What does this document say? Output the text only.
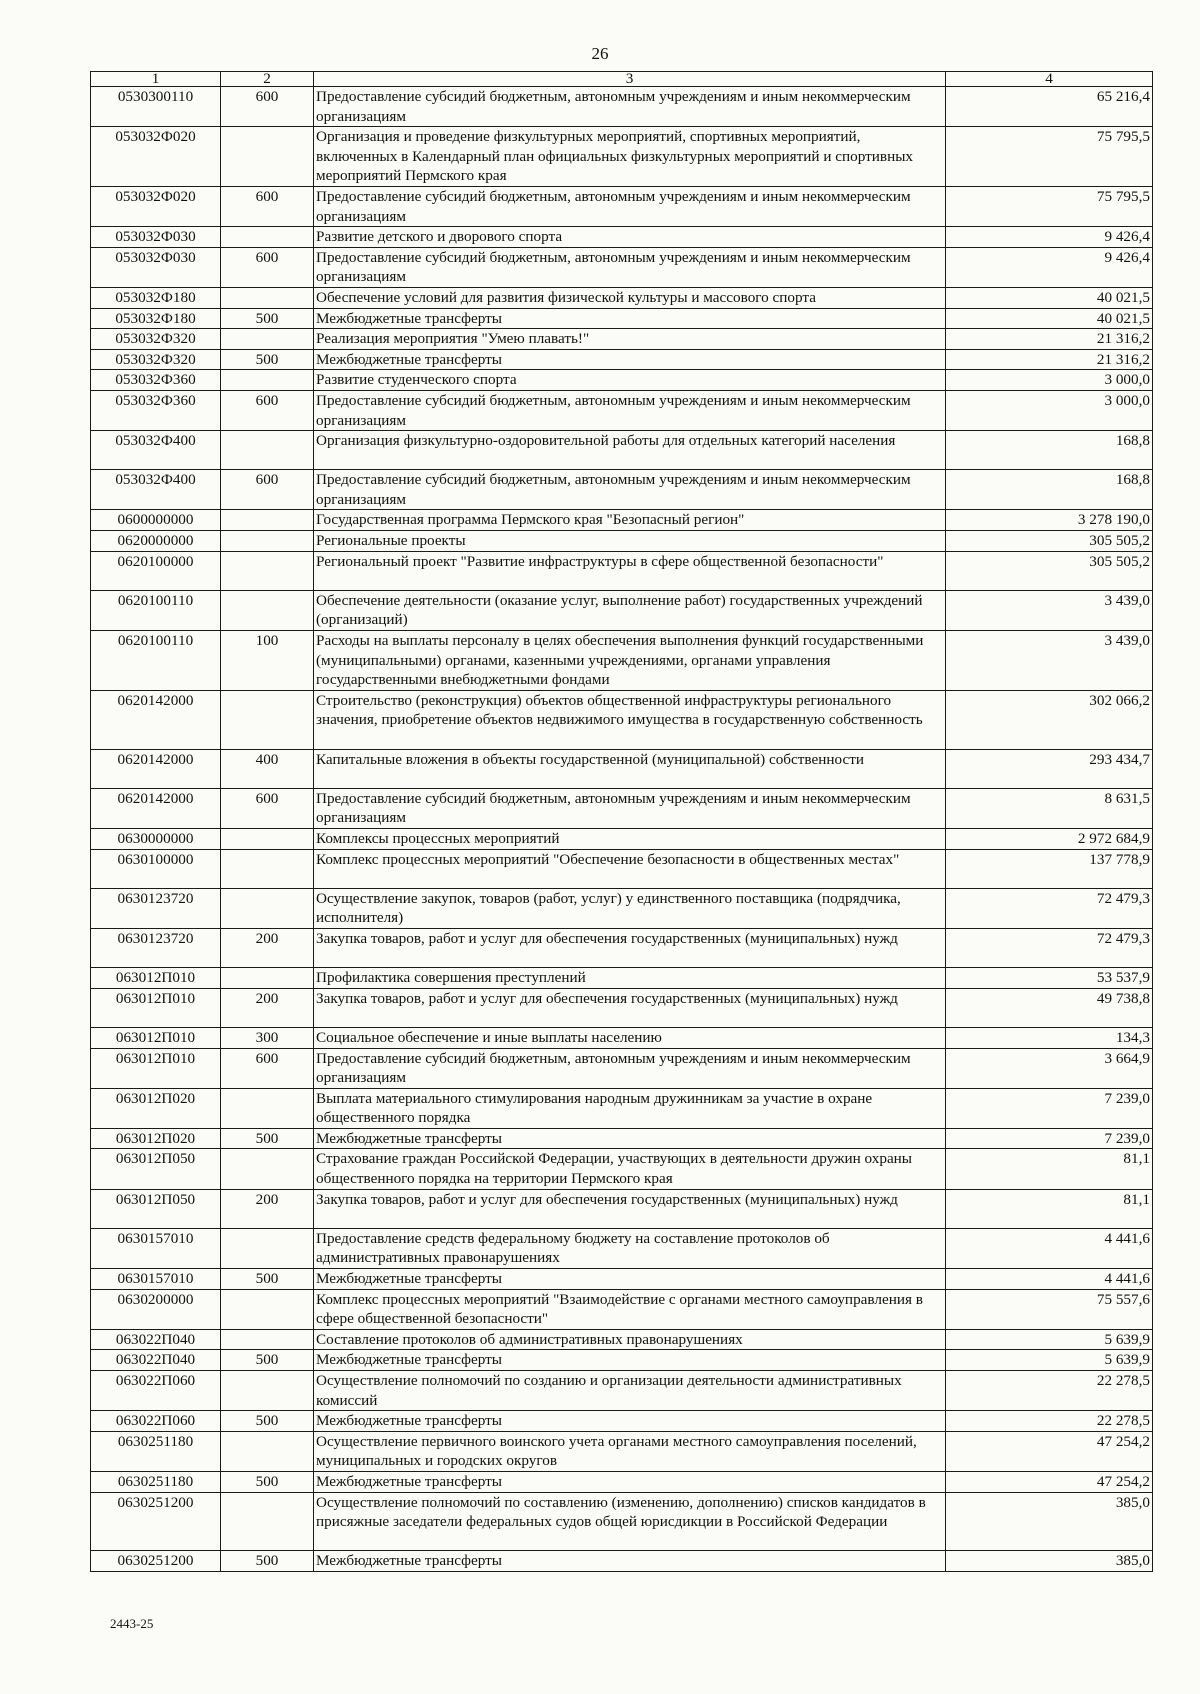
26
1	2	3	4
0530300110	600	Предоставление субсидий бюджетным, автономным учреждениям и иным некоммерческим организациям	65 216,4
053032Ф020		Организация и проведение физкультурных мероприятий, спортивных мероприятий, включенных в Календарный план официальных физкультурных мероприятий и спортивных мероприятий Пермского края	75 795,5
053032Ф020	600	Предоставление субсидий бюджетным, автономным учреждениям и иным некоммерческим организациям	75 795,5
053032Ф030		Развитие детского и дворового спорта	9 426,4
053032Ф030	600	Предоставление субсидий бюджетным, автономным учреждениям и иным некоммерческим организациям	9 426,4
053032Ф180		Обеспечение условий для развития физической культуры и массового спорта	40 021,5
053032Ф180	500	Межбюджетные трансферты	40 021,5
053032Ф320		Реализация мероприятия "Умею плавать!"	21 316,2
053032Ф320	500	Межбюджетные трансферты	21 316,2
053032Ф360		Развитие студенческого спорта	3 000,0
053032Ф360	600	Предоставление субсидий бюджетным, автономным учреждениям и иным некоммерческим организациям	3 000,0
053032Ф400		Организация физкультурно-оздоровительной работы для отдельных категорий населения	168,8
053032Ф400	600	Предоставление субсидий бюджетным, автономным учреждениям и иным некоммерческим организациям	168,8
0600000000		Государственная программа Пермского края "Безопасный регион"	3 278 190,0
0620000000		Региональные проекты	305 505,2
0620100000		Региональный проект "Развитие инфраструктуры в сфере общественной безопасности"	305 505,2
0620100110		Обеспечение деятельности (оказание услуг, выполнение работ) государственных учреждений (организаций)	3 439,0
0620100110	100	Расходы на выплаты персоналу в целях обеспечения выполнения функций государственными (муниципальными) органами, казенными учреждениями, органами управления государственными внебюджетными фондами	3 439,0
0620142000		Строительство (реконструкция) объектов общественной инфраструктуры регионального значения, приобретение объектов недвижимого имущества в государственную собственность	302 066,2
0620142000	400	Капитальные вложения в объекты государственной (муниципальной) собственности	293 434,7
0620142000	600	Предоставление субсидий бюджетным, автономным учреждениям и иным некоммерческим организациям	8 631,5
0630000000		Комплексы процессных мероприятий	2 972 684,9
0630100000		Комплекс процессных мероприятий "Обеспечение безопасности в общественных местах"	137 778,9
0630123720		Осуществление закупок, товаров (работ, услуг) у единственного поставщика (подрядчика, исполнителя)	72 479,3
0630123720	200	Закупка товаров, работ и услуг для обеспечения государственных (муниципальных) нужд	72 479,3
063012П010		Профилактика совершения преступлений	53 537,9
063012П010	200	Закупка товаров, работ и услуг для обеспечения государственных (муниципальных) нужд	49 738,8
063012П010	300	Социальное обеспечение и иные выплаты населению	134,3
063012П010	600	Предоставление субсидий бюджетным, автономным учреждениям и иным некоммерческим организациям	3 664,9
063012П020		Выплата материального стимулирования народным дружинникам за участие в охране общественного порядка	7 239,0
063012П020	500	Межбюджетные трансферты	7 239,0
063012П050		Страхование граждан Российской Федерации, участвующих в деятельности дружин охраны общественного порядка на территории Пермского края	81,1
063012П050	200	Закупка товаров, работ и услуг для обеспечения государственных (муниципальных) нужд	81,1
0630157010		Предоставление средств федеральному бюджету на составление протоколов об административных правонарушениях	4 441,6
0630157010	500	Межбюджетные трансферты	4 441,6
0630200000		Комплекс процессных мероприятий "Взаимодействие с органами местного самоуправления в сфере общественной безопасности"	75 557,6
063022П040		Составление протоколов об административных правонарушениях	5 639,9
063022П040	500	Межбюджетные трансферты	5 639,9
063022П060		Осуществление полномочий по созданию и организации деятельности административных комиссий	22 278,5
063022П060	500	Межбюджетные трансферты	22 278,5
0630251180		Осуществление первичного воинского учета органами местного самоуправления поселений, муниципальных и городских округов	47 254,2
0630251180	500	Межбюджетные трансферты	47 254,2
0630251200		Осуществление полномочий по составлению (изменению, дополнению) списков кандидатов в присяжные заседатели федеральных судов общей юрисдикции в Российской Федерации	385,0
0630251200	500	Межбюджетные трансферты	385,0
2443-25
